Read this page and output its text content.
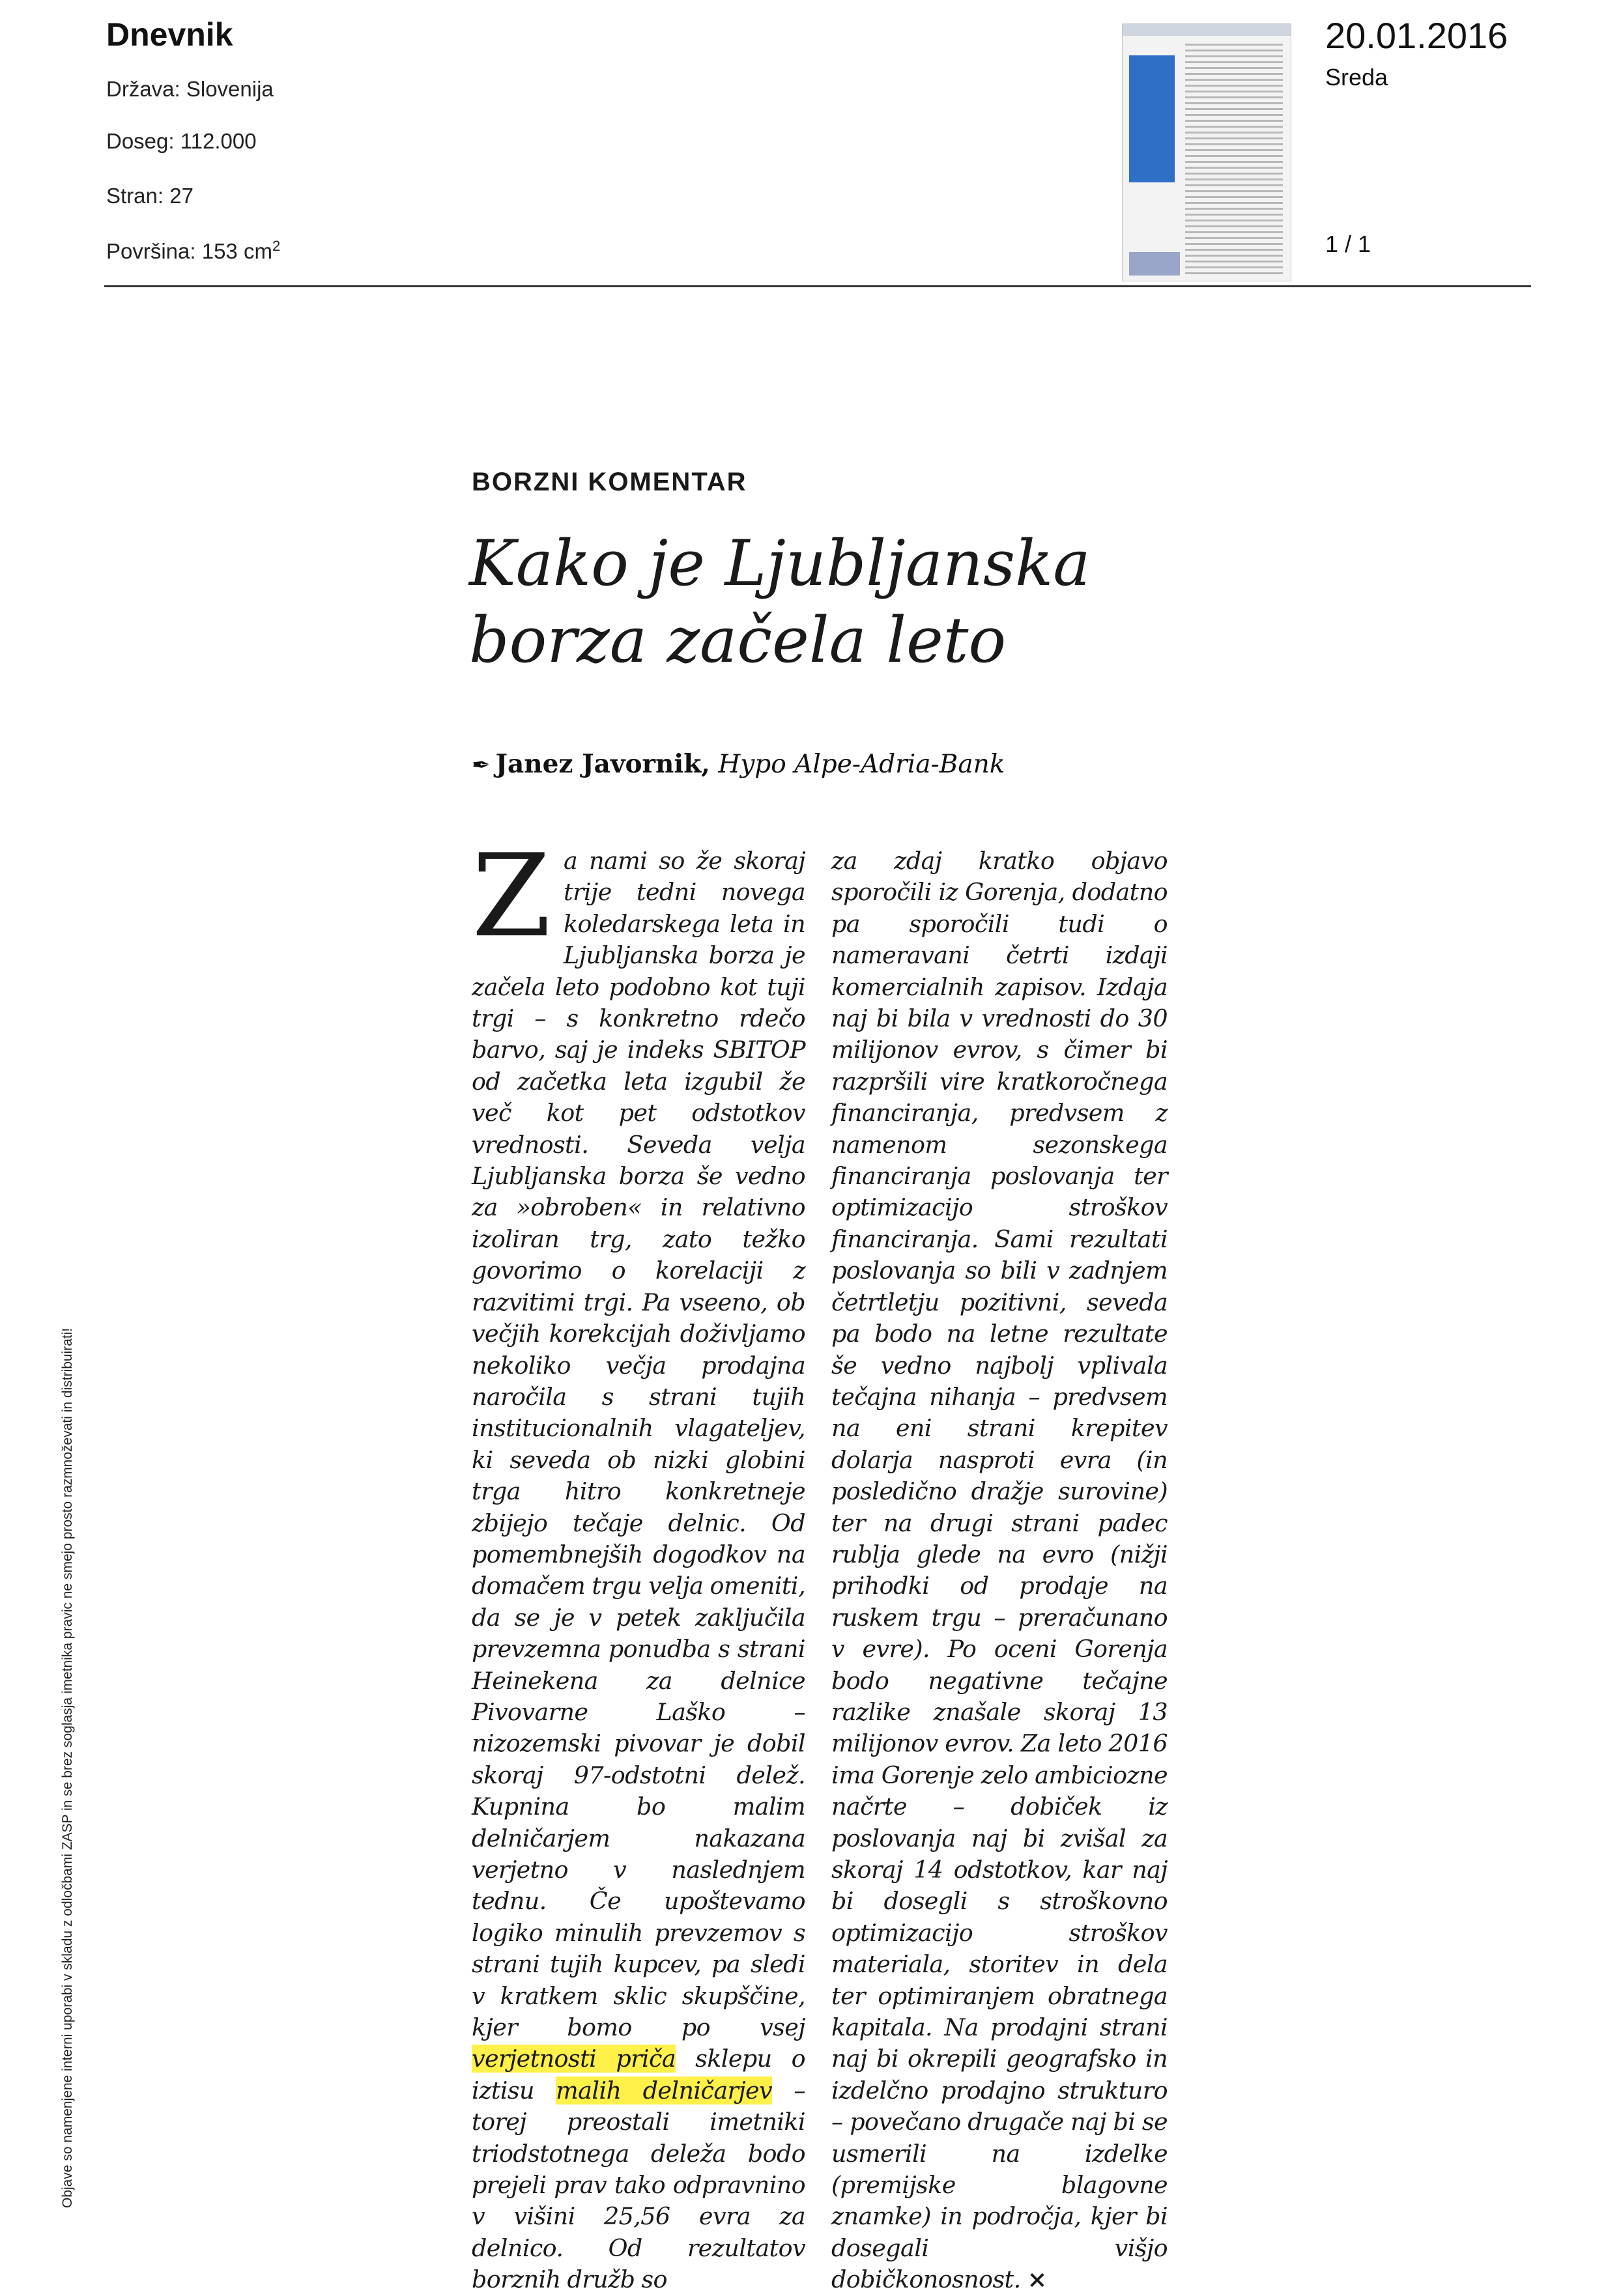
Dnevnik
Država: Slovenija
Doseg: 112.000
Stran: 27
Površina: 153 $cm^2$
20.01.2016
Sreda
1 / 1
Objave so namenjene interni uporabi v skladu z odločbami ZASP in se brez soglasja imetnika pravic ne smejo prosto razmnoževati in distribuirati!
BORZNI KOMENTAR
Kako je Ljubljanska
borza začela leto
✒ Janez Javornik, Hypo Alpe-Adria-Bank

Za nami so že skoraj trije tedni novega koledarskega leta in Ljubljanska borza je začela leto podobno kot tuji trgi – s konkretno rdečo barvo, saj je indeks SBITOP od začetka leta izgubil že več kot pet odstotkov vrednosti. Seveda velja Ljubljanska borza še vedno za »obroben« in relativno izoliran trg, zato težko govorimo o korelaciji z razvitimi trgi. Pa vseeno, ob večjih korekcijah doživljamo nekoliko večja prodajna naročila s strani tujih institucionalnih vlagateljev, ki seveda ob nizki globini trga hitro konkretneje zbijejo tečaje delnic. Od pomembnejših dogodkov na domačem trgu velja omeniti, da se je v petek zaključila prevzemna ponudba s strani Heinekena za delnice Pivovarne Laško – nizozemski pivovar je dobil skoraj 97-odstotni delež. Kupnina bo malim delničarjem nakazana verjetno v naslednjem tednu. Če upoštevamo logiko minulih prevzemov s strani tujih kupcev, pa sledi v kratkem sklic skupščine, kjer bomo po vsej verjetnosti priča sklepu o iztisu malih delničarjev – torej preostali imetniki triodstotnega deleža bodo prejeli prav tako odpravnino v višini 25,56 evra za delnico. Od rezultatov borznih družb so

za zdaj kratko objavo sporočili iz Gorenja, dodatno pa sporočili tudi o nameravani četrti izdaji komercialnih zapisov. Izdaja naj bi bila v vrednosti do 30 milijonov evrov, s čimer bi razpršili vire kratkoročnega financiranja, predvsem z namenom sezonskega financiranja poslovanja ter optimizacijo stroškov financiranja. Sami rezultati poslovanja so bili v zadnjem četrtletju pozitivni, seveda pa bodo na letne rezultate še vedno najbolj vplivala tečajna nihanja – predvsem na eni strani krepitev dolarja nasproti evra (in posledično dražje surovine) ter na drugi strani padec rublja glede na evro (nižji prihodki od prodaje na ruskem trgu – preračunano v evre). Po oceni Gorenja bodo negativne tečajne razlike znašale skoraj 13 milijonov evrov. Za leto 2016 ima Gorenje zelo ambiciozne načrte – dobiček iz poslovanja naj bi zvišal za skoraj 14 odstotkov, kar naj bi dosegli s stroškovno optimizacijo stroškov materiala, storitev in dela ter optimiranjem obratnega kapitala. Na prodajni strani naj bi okrepili geografsko in izdelčno prodajno strukturo – povečano drugače naj bi se usmerili na izdelke (premijske blagovne znamke) in področja, kjer bi dosegali višjo dobičkonosnost. ×
